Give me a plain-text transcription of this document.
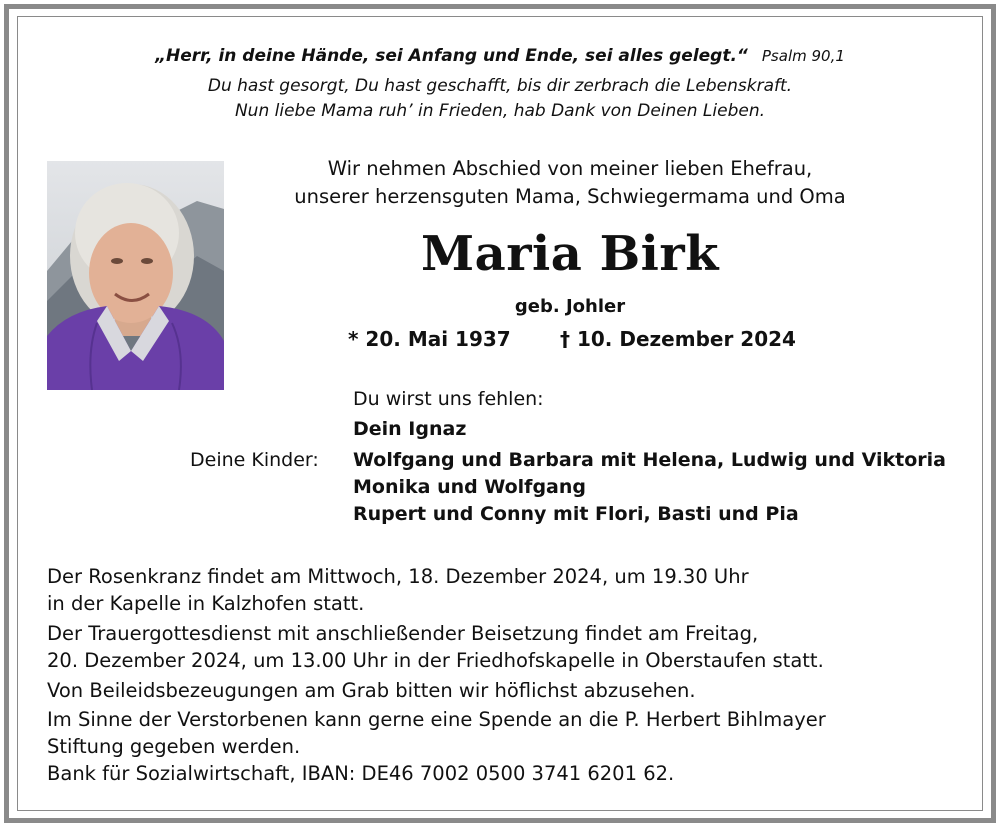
„Herr, in deine Hände, sei Anfang und Ende, sei alles gelegt.“ Psalm 90,1
Du hast gesorgt, Du hast geschafft, bis dir zerbrach die Lebenskraft.
Nun liebe Mama ruh’ in Frieden, hab Dank von Deinen Lieben.
Wir nehmen Abschied von meiner lieben Ehefrau,
unserer herzensguten Mama, Schwiegermama und Oma
Maria Birk
geb. Johler
* 20. Mai 1937 † 10. Dezember 2024
Du wirst uns fehlen:
Dein Ignaz
Deine Kinder: Wolfgang und Barbara mit Helena, Ludwig und Viktoria
Monika und Wolfgang
Rupert und Conny mit Flori, Basti und Pia
Der Rosenkranz findet am Mittwoch, 18. Dezember 2024, um 19.30 Uhr
in der Kapelle in Kalzhofen statt.
Der Trauergottesdienst mit anschließender Beisetzung findet am Freitag,
20. Dezember 2024, um 13.00 Uhr in der Friedhofskapelle in Oberstaufen statt.
Von Beileidsbezeugungen am Grab bitten wir höflichst abzusehen.
Im Sinne der Verstorbenen kann gerne eine Spende an die P. Herbert Bihlmayer
Stiftung gegeben werden.
Bank für Sozialwirtschaft, IBAN: DE46 7002 0500 3741 6201 62.
